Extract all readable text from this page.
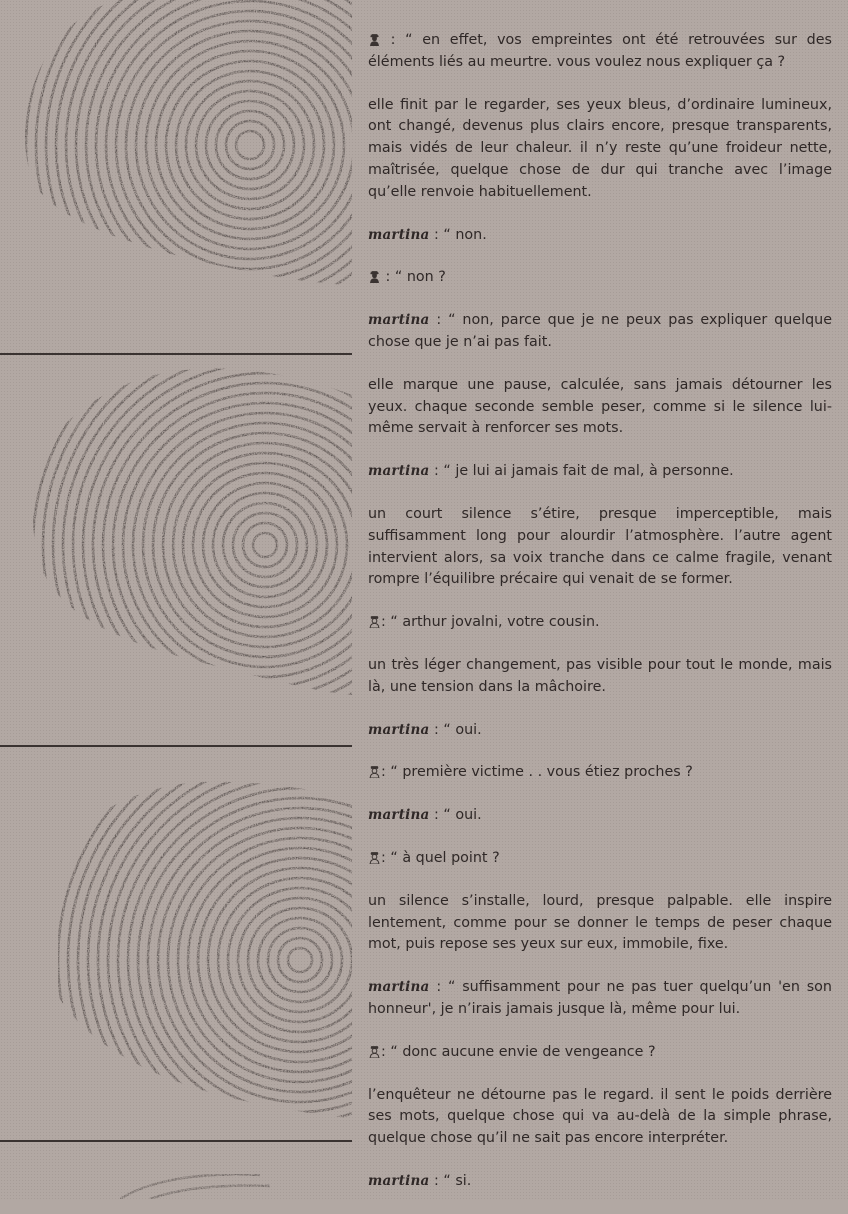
: “ en effet, vos empreintes ont été retrouvées sur des éléments liés au meurtre. vous voulez nous expliquer ça ?

elle finit par le regarder, ses yeux bleus, d’ordinaire lumineux, ont changé, devenus plus clairs encore, presque transparents, mais vidés de leur chaleur. il n’y reste qu’une froideur nette, maîtrisée, quelque chose de dur qui tranche avec l’image qu’elle renvoie habituellement.

martina : “ non.

: “ non ?

martina : “ non, parce que je ne peux pas expliquer quelque chose que je n’ai pas fait.

elle marque une pause, calculée, sans jamais détourner les yeux. chaque seconde semble peser, comme si le silence lui-même servait à renforcer ses mots.

martina : “ je lui ai jamais fait de mal, à personne.

un court silence s’étire, presque imperceptible, mais suffisamment long pour alourdir l’atmosphère. l’autre agent intervient alors, sa voix tranche dans ce calme fragile, venant rompre l’équilibre précaire qui venait de se former.

: “ arthur jovalni, votre cousin.

un très léger changement, pas visible pour tout le monde, mais là, une tension dans la mâchoire.

martina : “ oui.

: “ première victime . . vous étiez proches ?

martina : “ oui.

: “ à quel point ?

un silence s’installe, lourd, presque palpable. elle inspire lentement, comme pour se donner le temps de peser chaque mot, puis repose ses yeux sur eux, immobile, fixe.

martina : “ suffisamment pour ne pas tuer quelqu’un 'en son honneur', je n’irais jamais jusque là, même pour lui.

: “ donc aucune envie de vengeance ?

l’enquêteur ne détourne pas le regard. il sent le poids derrière ses mots, quelque chose qui va au-delà de la simple phrase, quelque chose qu’il ne sait pas encore interpréter.

martina : “ si.
